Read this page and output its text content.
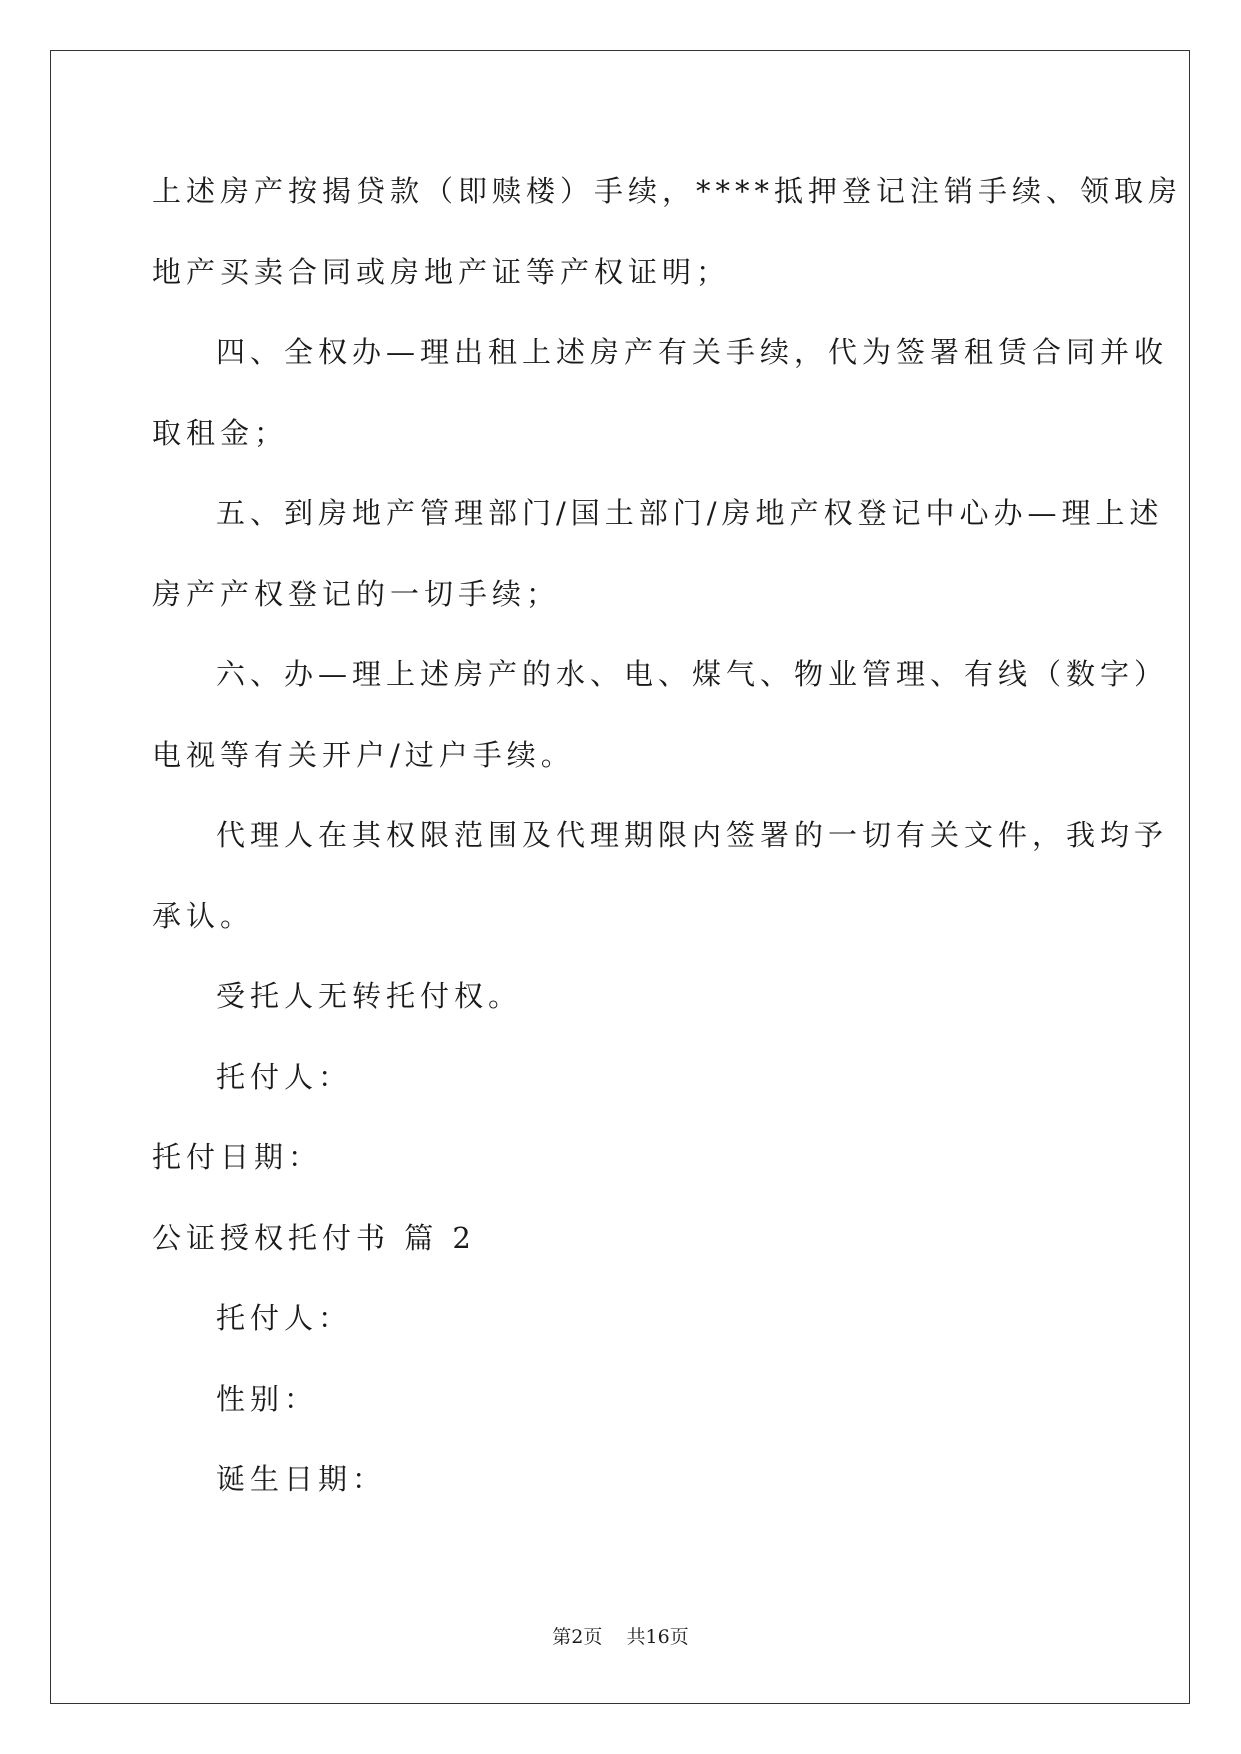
上述房产按揭贷款（即赎楼）手续，****抵押登记注销手续、领取房
地产买卖合同或房地产证等产权证明；
四、全权办—理出租上述房产有关手续，代为签署租赁合同并收
取租金；
五、到房地产管理部门/国土部门/房地产权登记中心办—理上述
房产产权登记的一切手续；
六、办—理上述房产的水、电、煤气、物业管理、有线（数字）
电视等有关开户/过户手续。
代理人在其权限范围及代理期限内签署的一切有关文件，我均予
承认。
受托人无转托付权。
托付人：
托付日期：
公证授权托付书 篇 2
托付人：
性别：
诞生日期：
第2页    共16页
